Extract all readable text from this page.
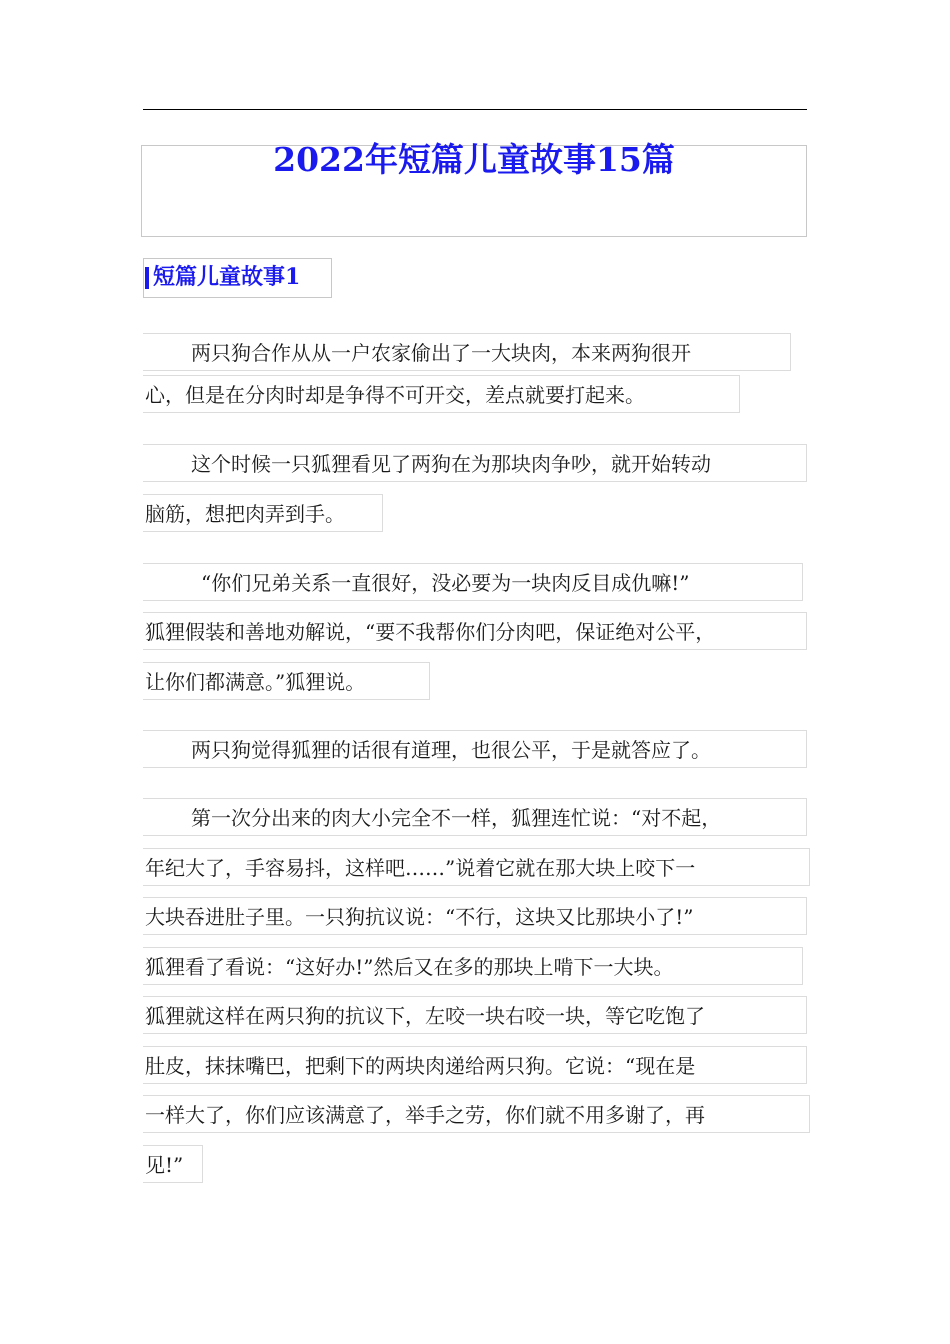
2022年短篇儿童故事15篇
短篇儿童故事1
两只狗合作从从一户农家偷出了一大块肉，本来两狗很开
心，但是在分肉时却是争得不可开交，差点就要打起来。
这个时候一只狐狸看见了两狗在为那块肉争吵，就开始转动
脑筋，想把肉弄到手。
“你们兄弟关系一直很好，没必要为一块肉反目成仇嘛!”
狐狸假装和善地劝解说，“要不我帮你们分肉吧，保证绝对公平，
让你们都满意。”狐狸说。
两只狗觉得狐狸的话很有道理，也很公平，于是就答应了。
第一次分出来的肉大小完全不一样，狐狸连忙说：“对不起，
年纪大了，手容易抖，这样吧……”说着它就在那大块上咬下一
大块吞进肚子里。一只狗抗议说：“不行，这块又比那块小了!”
狐狸看了看说：“这好办!”然后又在多的那块上啃下一大块。
狐狸就这样在两只狗的抗议下，左咬一块右咬一块，等它吃饱了
肚皮，抹抹嘴巴，把剩下的两块肉递给两只狗。它说：“现在是
一样大了，你们应该满意了，举手之劳，你们就不用多谢了，再
见!”
